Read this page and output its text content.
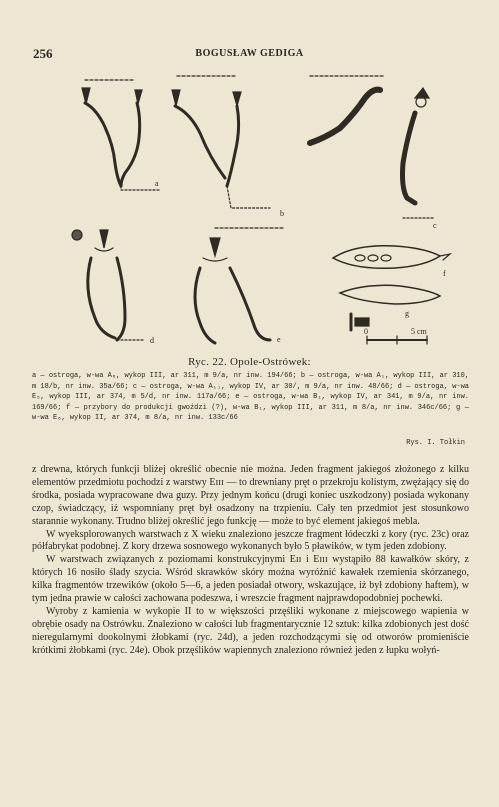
256	BOGUSŁAW GEDIGA
a
b
c
d	e
f
g
0	5 cm
Ryc. 22. Opole-Ostrówek:

a — ostroga, w-wa A₆, wykop III, ar 311, m 9/a, nr inw. 194/66; b — ostroga, w-wa A₁, wykop III, ar 310, m 18/b, nr inw. 35a/66; c — ostroga, w-wa A₁₁, wykop IV, ar 30/, m 9/a, nr inw. 48/66; d — ostroga, w-wa E₅, wykop III, ar 374, m 5/d, nr inw. 117a/66; e — ostroga, w-wa B₁, wykop IV, ar 341, m 9/a, nr inw. 169/66; f — przybory do produkcji gwoździ (?), w-wa B₁, wykop III, ar 311, m 8/a, nr inw. 346c/66; g — w-wa E₆, wykop II, ar 374, m 8/a, nr inw. 133c/66

Rys. I. Tołkin

z drewna, których funkcji bliżej określić obecnie nie można. Jeden fragment jakiegoś złożonego z kilku elementów przedmiotu pochodzi z warstwy Eɪɪɪ — to drewniany pręt o przekroju kolistym, zwężający się do środka, posiada wypracowane dwa guzy. Przy jednym końcu (drugi koniec uszkodzony) posiada wykonany czop, świadczący, iż wspomniany pręt był osadzony na trzpieniu. Cały ten przedmiot jest stosunkowo starannie wykonany. Trudno bliżej określić jego funkcję — może to być element jakiegoś mebla.

W wyeksplorowanych warstwach z X wieku znaleziono jeszcze fragment łódeczki z kory (ryc. 23c) oraz półfabrykat podobnej. Z kory drzewa sosnowego wykonanych było 5 pławików, w tym jeden zdobiony.

W warstwach związanych z poziomami konstrukcyjnymi Eɪɪ i Eɪɪɪ wystąpiło 88 kawałków skóry, z których 16 nosiło ślady szycia. Wśród skrawków skóry można wyróżnić kawałek rzemienia skórzanego, kilka fragmentów trzewików (około 5—6, a jeden posiadał otwory, wskazujące, iż był zdobiony haftem), w tym jedna prawie w całości zachowana podeszwa, i wreszcie fragment najprawdopodobniej pochewki.

Wyroby z kamienia w wykopie II to w większości przęśliki wykonane z miejscowego wapienia w obrębie osady na Ostrówku. Znaleziono w całości lub fragmentarycznie 12 sztuk: kilka zdobionych jest dość nieregularnymi dookolnymi żłobkami (ryc. 24d), a jeden rozchodzącymi się od otworów promieniście krótkimi żłobkami (ryc. 24e). Obok przęślików wapiennych znaleziono również jeden z łupku wołyń-
